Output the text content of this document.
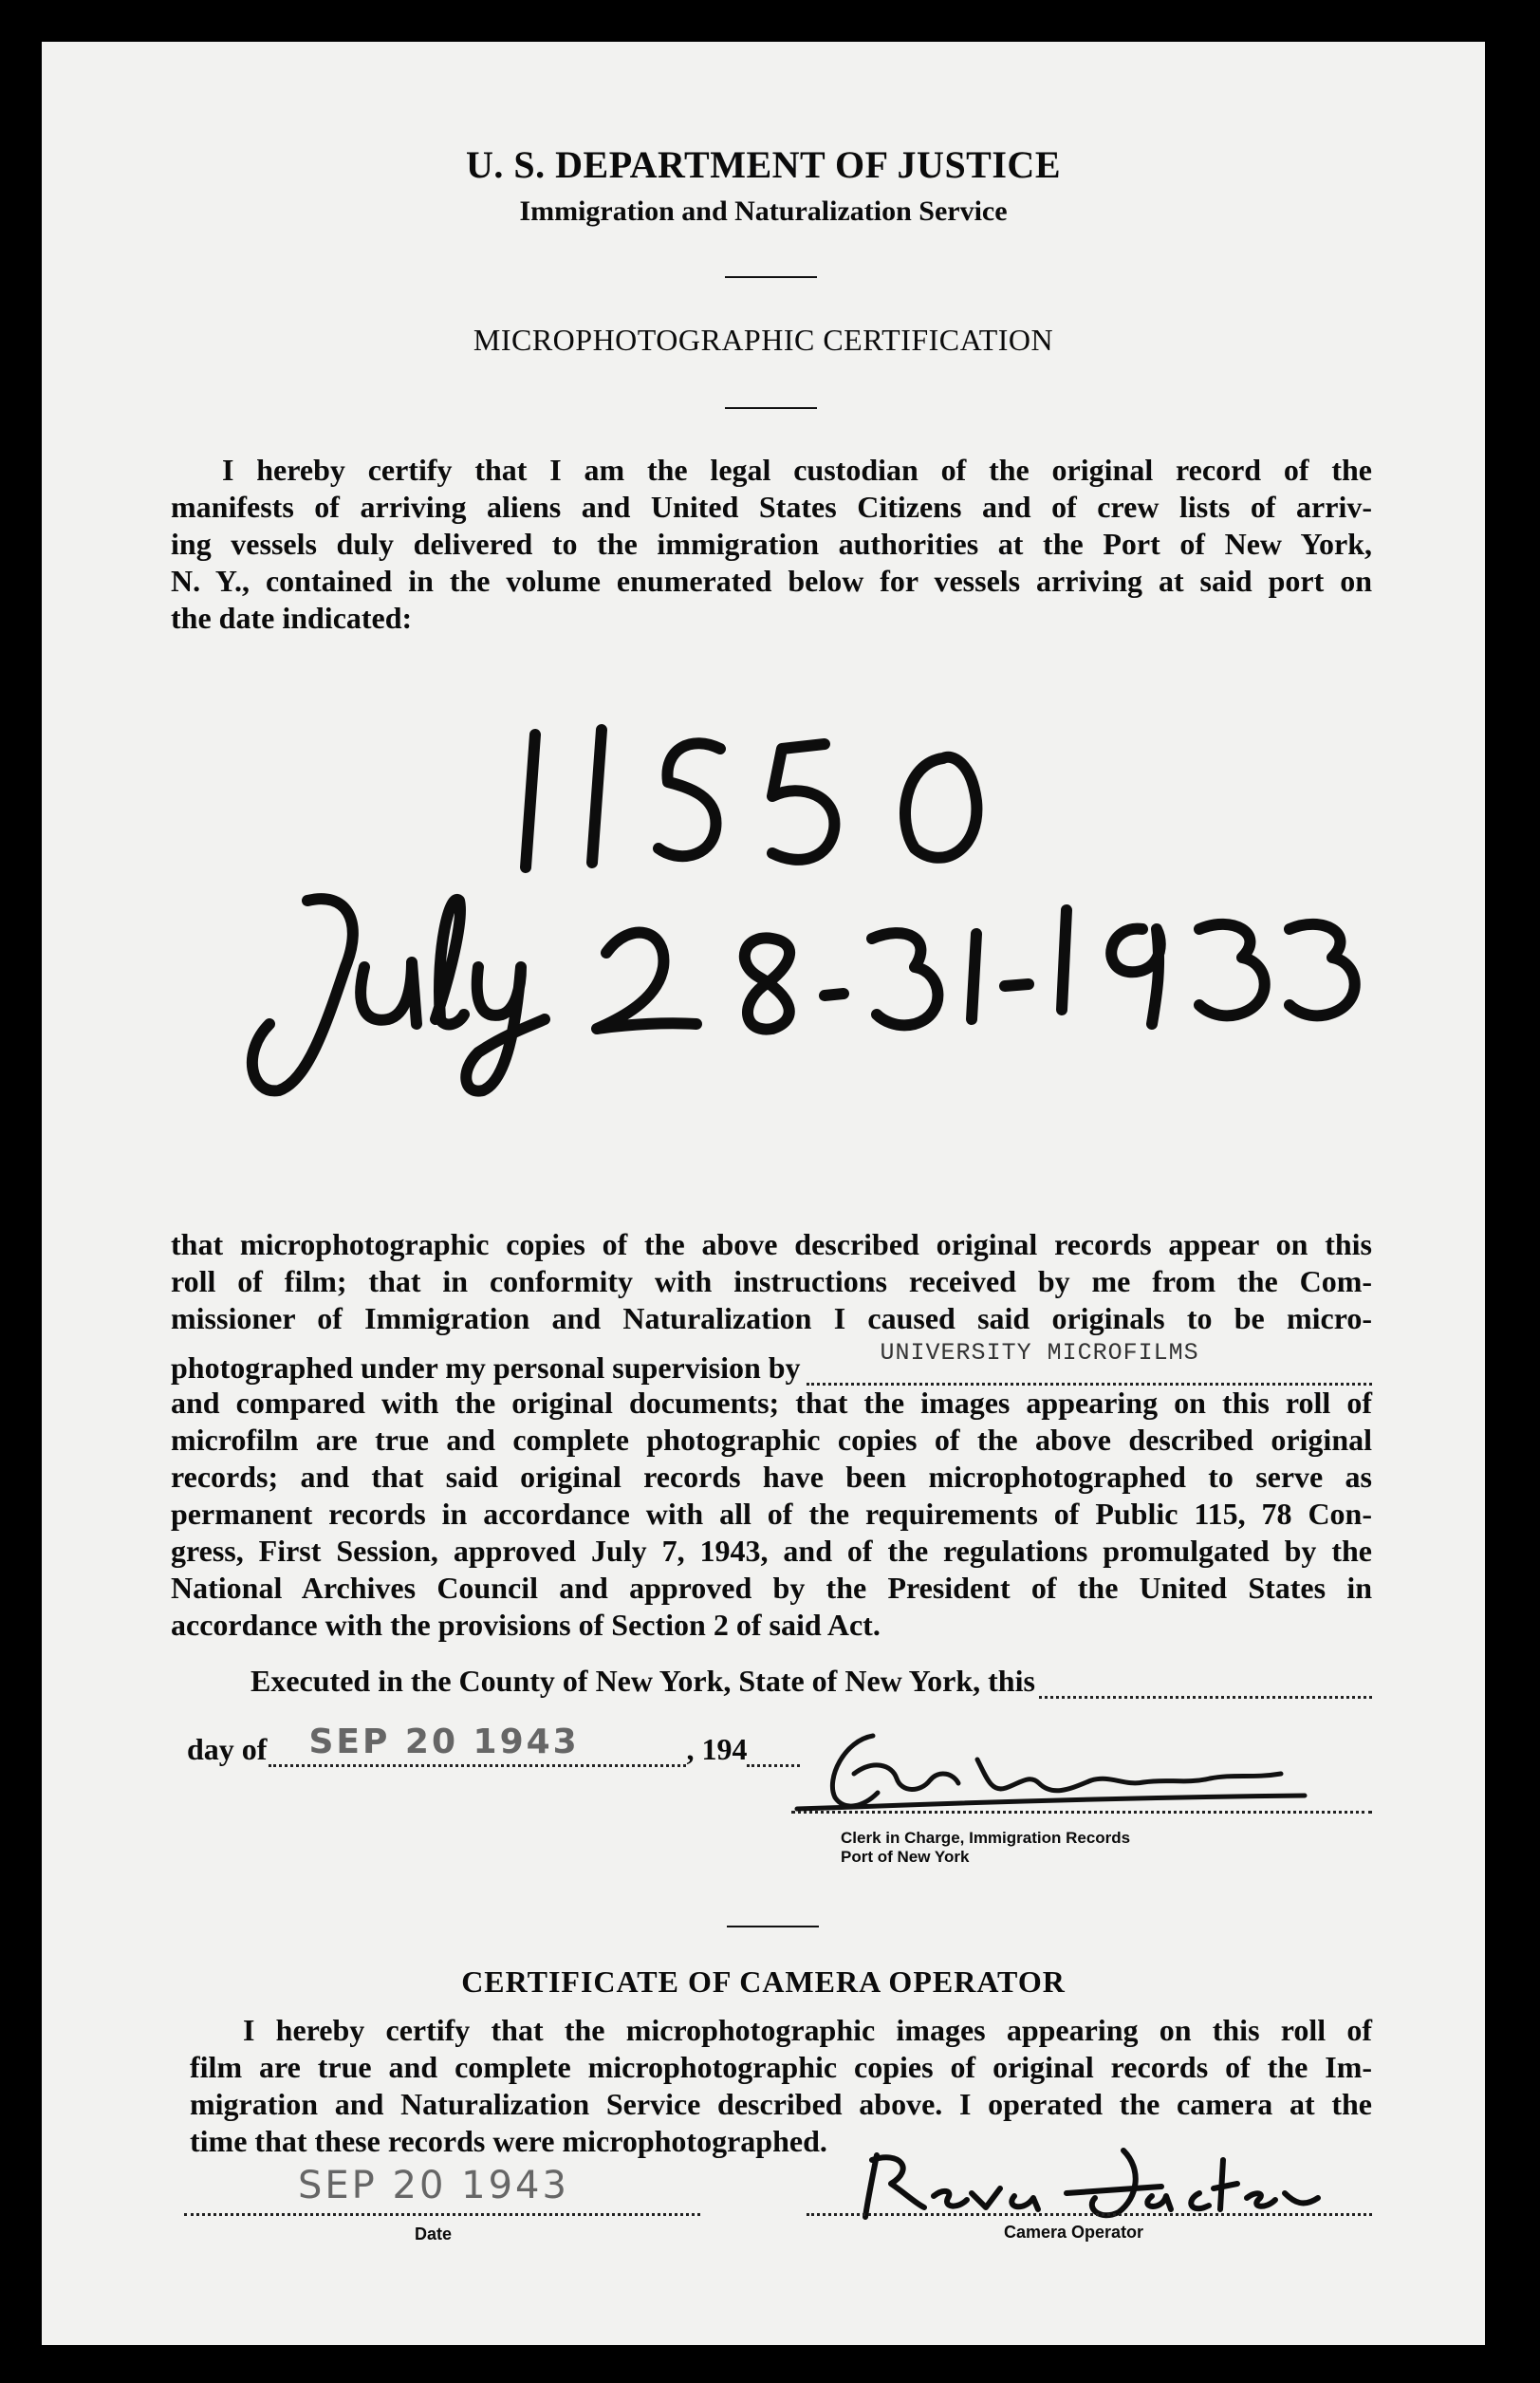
U. S. DEPARTMENT OF JUSTICE
Immigration and Naturalization Service
MICROPHOTOGRAPHIC CERTIFICATION
I hereby certify that I am the legal custodian of the original record of the
manifests of arriving aliens and United States Citizens and of crew lists of arriv-
ing vessels duly delivered to the immigration authorities at the Port of New York,
N. Y., contained in the volume enumerated below for vessels arriving at said port on
the date indicated:
that microphotographic copies of the above described original records appear on this
roll of film; that in conformity with instructions received by me from the Com-
missioner of Immigration and Naturalization I caused said originals to be micro-
photographed under my personal supervision by	UNIVERSITY MICROFILMS
and compared with the original documents; that the images appearing on this roll of
microfilm are true and complete photographic copies of the above described original
records; and that said original records have been microphotographed to serve as
permanent records in accordance with all of the requirements of Public 115, 78 Con-
gress, First Session, approved July 7, 1943, and of the regulations promulgated by the
National Archives Council and approved by the President of the United States in
accordance with the provisions of Section 2 of said Act.
Executed in the County of New York, State of New York, this
day of SEP 20 1943	, 194
Clerk in Charge, Immigration Records
Port of New York
CERTIFICATE OF CAMERA OPERATOR
I hereby certify that the microphotographic images appearing on this roll of
film are true and complete microphotographic copies of original records of the Im-
migration and Naturalization Service described above. I operated the camera at the
time that these records were microphotographed.
SEP 20 1943
Date	Camera Operator
